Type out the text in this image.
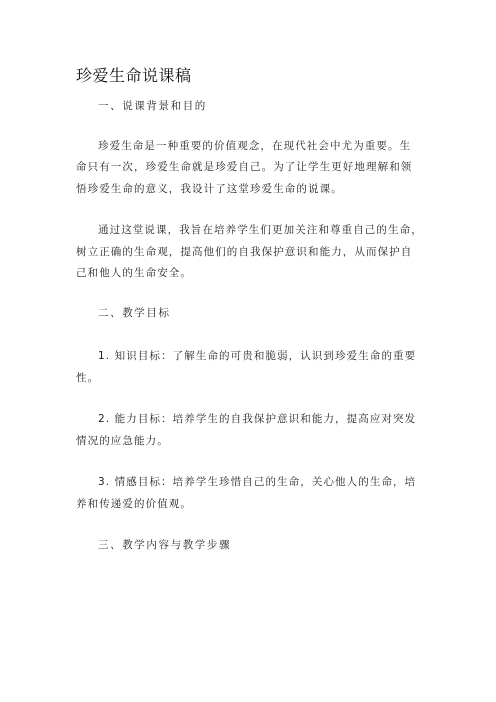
珍爱生命说课稿
一、说课背景和目的
珍爱生命是一种重要的价值观念，在现代社会中尤为重要。生
命只有一次，珍爱生命就是珍爱自己。为了让学生更好地理解和领
悟珍爱生命的意义，我设计了这堂珍爱生命的说课。
通过这堂说课，我旨在培养学生们更加关注和尊重自己的生命，
树立正确的生命观，提高他们的自我保护意识和能力，从而保护自
己和他人的生命安全。
二、教学目标
1. 知识目标：了解生命的可贵和脆弱，认识到珍爱生命的重要
性。
2. 能力目标：培养学生的自我保护意识和能力，提高应对突发
情况的应急能力。
3. 情感目标：培养学生珍惜自己的生命，关心他人的生命，培
养和传递爱的价值观。
三、教学内容与教学步骤
